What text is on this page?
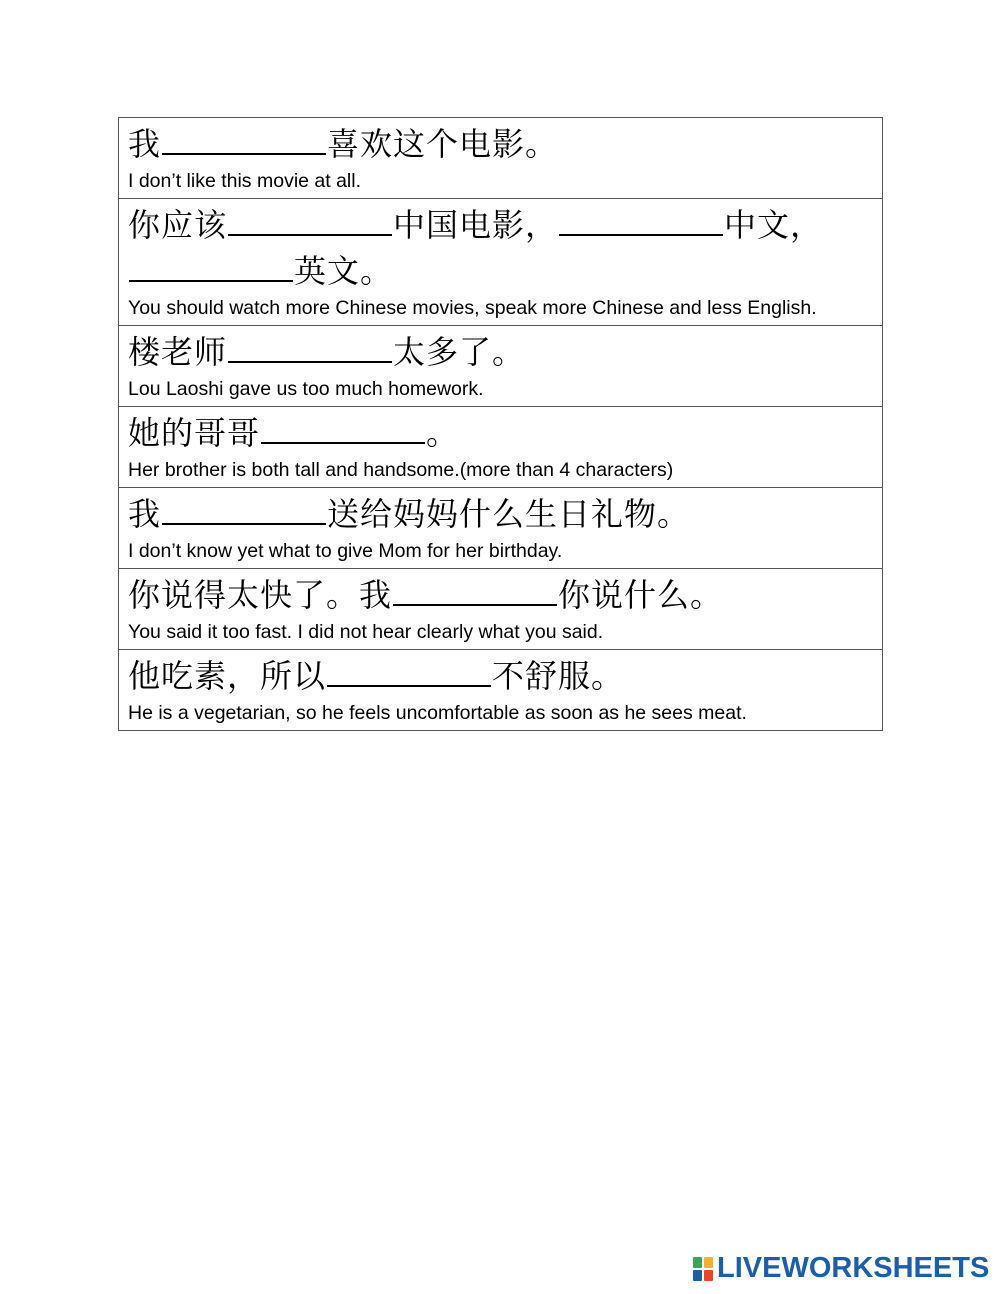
我	喜欢这个电影。
I don’t like this movie at all.
你应该	中国电影，	中文，
英文。
You should watch more Chinese movies, speak more Chinese and less English.
楼老师	太多了。
Lou Laoshi gave us too much homework.
她的哥哥	。
Her brother is both tall and handsome.(more than 4 characters)
我	送给妈妈什么生日礼物。
I don’t know yet what to give Mom for her birthday.
你说得太快了。我	你说什么。
You said it too fast. I did not hear clearly what you said.
他吃素，所以	不舒服。
He is a vegetarian, so he feels uncomfortable as soon as he sees meat.
LIVEWORKSHEETS
